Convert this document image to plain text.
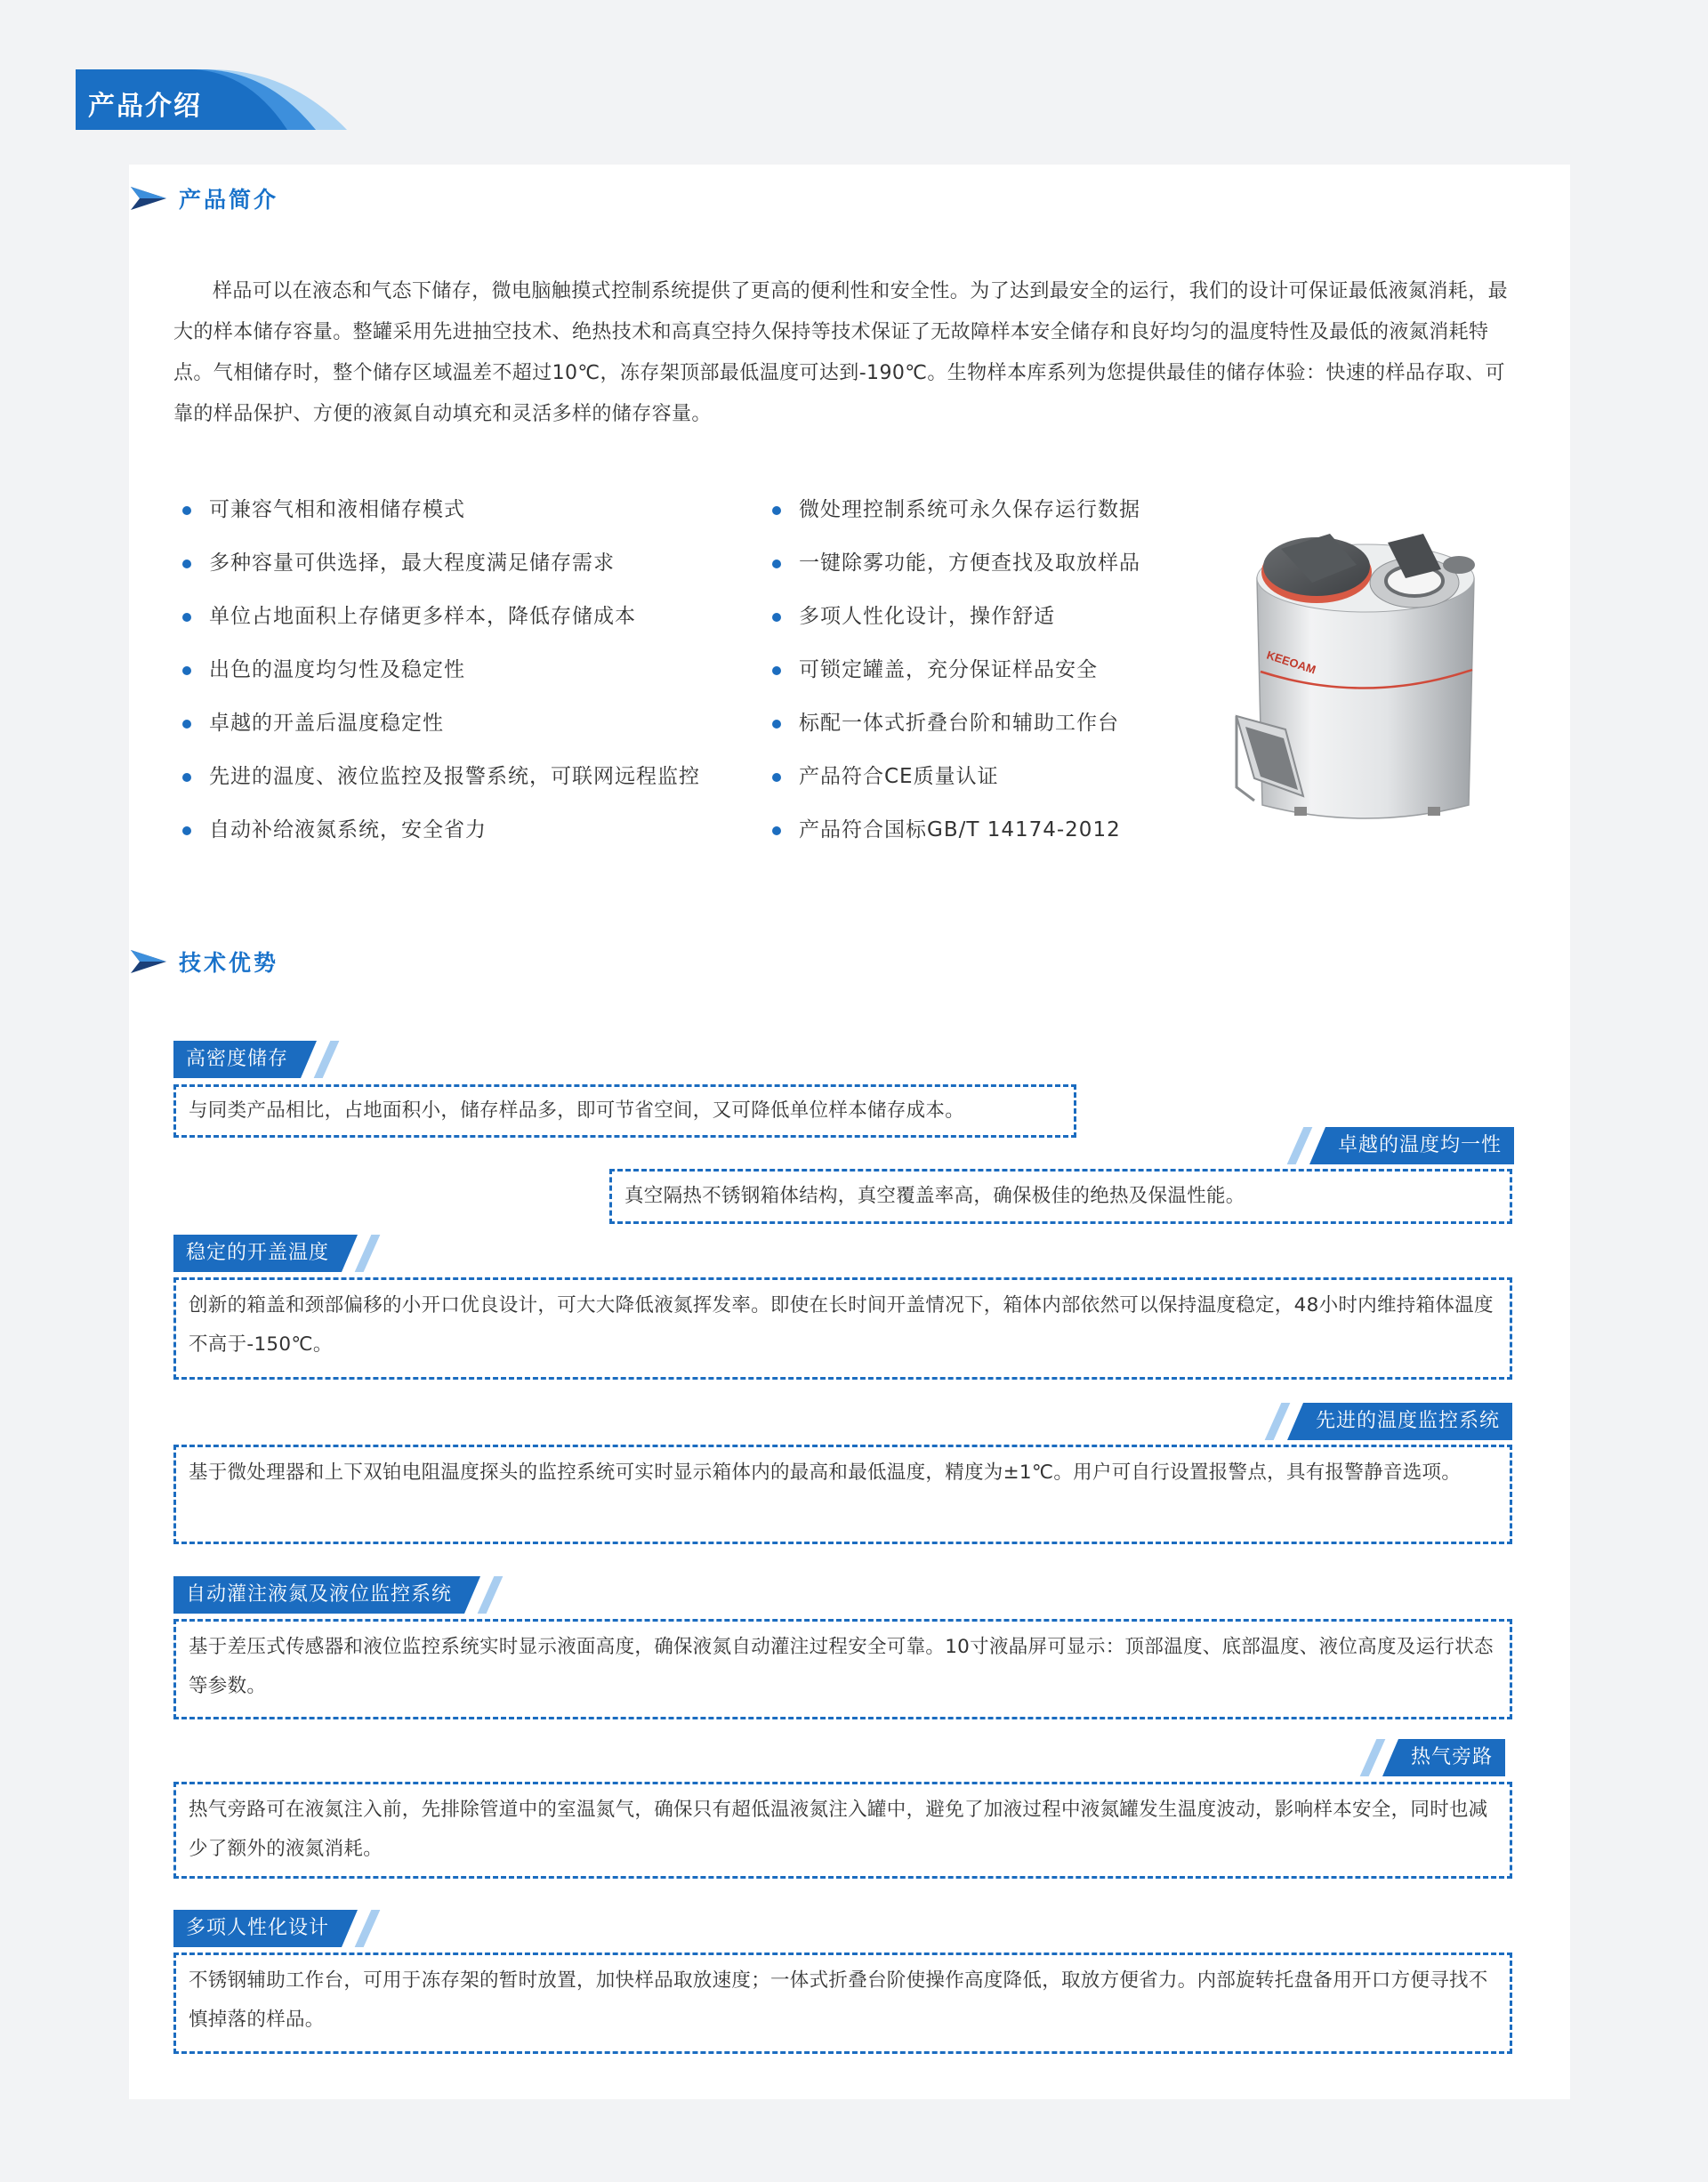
产品介绍
产品简介
样品可以在液态和气态下储存，微电脑触摸式控制系统提供了更高的便利性和安全性。为了达到最安全的运行，我们的设计可保证最低液氮消耗，最大的样本储存容量。整罐采用先进抽空技术、绝热技术和高真空持久保持等技术保证了无故障样本安全储存和良好均匀的温度特性及最低的液氮消耗特点。气相储存时，整个储存区域温差不超过10℃，冻存架顶部最低温度可达到-190℃。生物样本库系列为您提供最佳的储存体验：快速的样品存取、可靠的样品保护、方便的液氮自动填充和灵活多样的储存容量。
可兼容气相和液相储存模式
多种容量可供选择，最大程度满足储存需求
单位占地面积上存储更多样本，降低存储成本
出色的温度均匀性及稳定性
卓越的开盖后温度稳定性
先进的温度、液位监控及报警系统，可联网远程监控
自动补给液氮系统，安全省力
微处理控制系统可永久保存运行数据
一键除雾功能，方便查找及取放样品
多项人性化设计，操作舒适
可锁定罐盖，充分保证样品安全
标配一体式折叠台阶和辅助工作台
产品符合CE质量认证
产品符合国标GB/T 14174-2012
KEEOAM
技术优势
高密度储存
与同类产品相比，占地面积小，储存样品多，即可节省空间，又可降低单位样本储存成本。
卓越的温度均一性
真空隔热不锈钢箱体结构，真空覆盖率高，确保极佳的绝热及保温性能。
稳定的开盖温度
创新的箱盖和颈部偏移的小开口优良设计，可大大降低液氮挥发率。即使在长时间开盖情况下，箱体内部依然可以保持温度稳定，48小时内维持箱体温度不高于-150℃。
先进的温度监控系统
基于微处理器和上下双铂电阻温度探头的监控系统可实时显示箱体内的最高和最低温度，精度为±1℃。用户可自行设置报警点，具有报警静音选项。
自动灌注液氮及液位监控系统
基于差压式传感器和液位监控系统实时显示液面高度，确保液氮自动灌注过程安全可靠。10寸液晶屏可显示：顶部温度、底部温度、液位高度及运行状态等参数。
热气旁路
热气旁路可在液氮注入前，先排除管道中的室温氮气，确保只有超低温液氮注入罐中，避免了加液过程中液氮罐发生温度波动，影响样本安全，同时也减少了额外的液氮消耗。
多项人性化设计
不锈钢辅助工作台，可用于冻存架的暂时放置，加快样品取放速度；一体式折叠台阶使操作高度降低，取放方便省力。内部旋转托盘备用开口方便寻找不慎掉落的样品。
